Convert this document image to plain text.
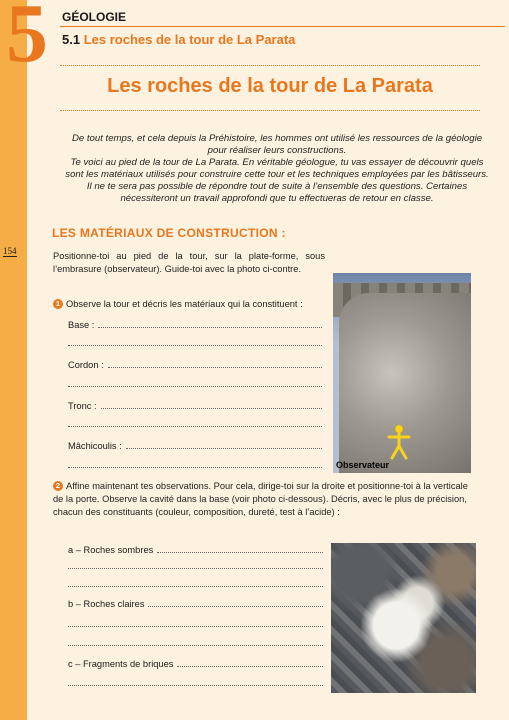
5 GÉOLOGIE
5.1 Les roches de la tour de La Parata
Les roches de la tour de La Parata

De tout temps, et cela depuis la Préhistoire, les hommes ont utilisé les ressources de la géologie pour réaliser leurs constructions.

Te voici au pied de la tour de La Parata. En véritable géologue, tu vas essayer de découvrir quels sont les matériaux utilisés pour construire cette tour et les techniques employées par les bâtisseurs.

Il ne te sera pas possible de répondre tout de suite à l’ensemble des questions. Certaines nécessiteront un travail approfondi que tu effectueras de retour en classe.

LES MATÉRIAUX DE CONSTRUCTION :
154	Positionne-toi au pied de la tour, sur la plate-forme, sous l’embrasure (observateur). Guide-toi avec la photo ci-contre.
1 Observe la tour et décris les matériaux qui la constituent :
Base :
Cordon :
Tronc :
Mâchicoulis :
Observateur
2 Affine maintenant tes observations. Pour cela, dirige-toi sur la droite et positionne-toi à la verticale de la porte. Observe la cavité dans la base (voir photo ci-dessous). Décris, avec le plus de précision, chacun des constituants (couleur, composition, dureté, test à l’acide) :
a – Roches sombres
b – Roches claires
c – Fragments de briques
